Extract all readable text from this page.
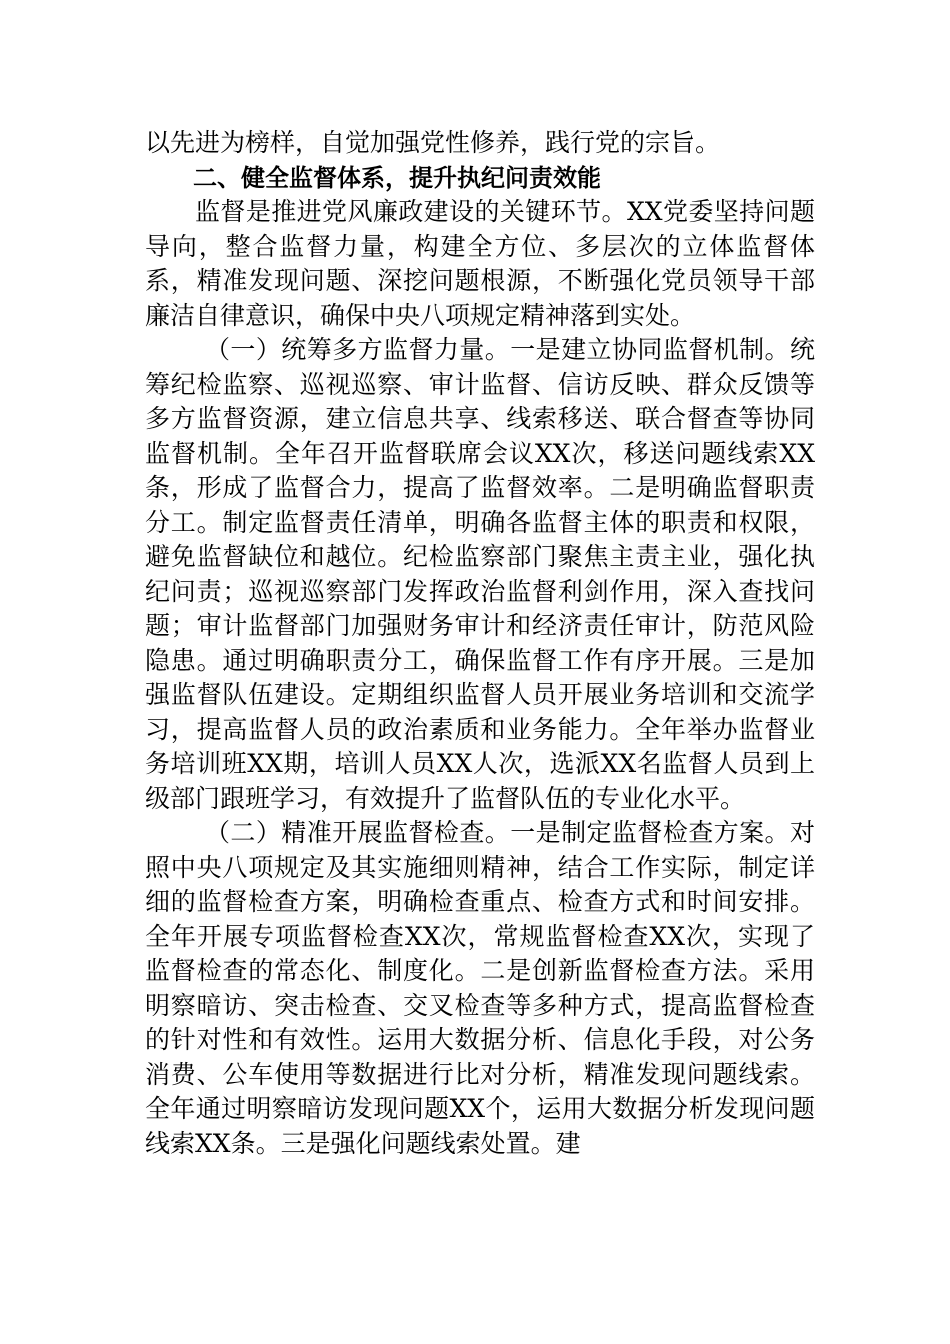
以先进为榜样，自觉加强党性修养，践行党的宗旨。

二、健全监督体系，提升执纪问责效能

监督是推进党风廉政建设的关键环节。XX党委坚持问题导向，整合监督力量，构建全方位、多层次的立体监督体系，精准发现问题、深挖问题根源，不断强化党员领导干部廉洁自律意识，确保中央八项规定精神落到实处。

（一）统筹多方监督力量。一是建立协同监督机制。统筹纪检监察、巡视巡察、审计监督、信访反映、群众反馈等多方监督资源，建立信息共享、线索移送、联合督查等协同监督机制。全年召开监督联席会议XX次，移送问题线索XX条，形成了监督合力，提高了监督效率。二是明确监督职责分工。制定监督责任清单，明确各监督主体的职责和权限，避免监督缺位和越位。纪检监察部门聚焦主责主业，强化执纪问责；巡视巡察部门发挥政治监督利剑作用，深入查找问题；审计监督部门加强财务审计和经济责任审计，防范风险隐患。通过明确职责分工，确保监督工作有序开展。三是加强监督队伍建设。定期组织监督人员开展业务培训和交流学习，提高监督人员的政治素质和业务能力。全年举办监督业务培训班XX期，培训人员XX人次，选派XX名监督人员到上级部门跟班学习，有效提升了监督队伍的专业化水平。

（二）精准开展监督检查。一是制定监督检查方案。对照中央八项规定及其实施细则精神，结合工作实际，制定详细的监督检查方案，明确检查重点、检查方式和时间安排。全年开展专项监督检查XX次，常规监督检查XX次，实现了监督检查的常态化、制度化。二是创新监督检查方法。采用明察暗访、突击检查、交叉检查等多种方式，提高监督检查的针对性和有效性。运用大数据分析、信息化手段，对公务消费、公车使用等数据进行比对分析，精准发现问题线索。全年通过明察暗访发现问题XX个，运用大数据分析发现问题线索XX条。三是强化问题线索处置。建
